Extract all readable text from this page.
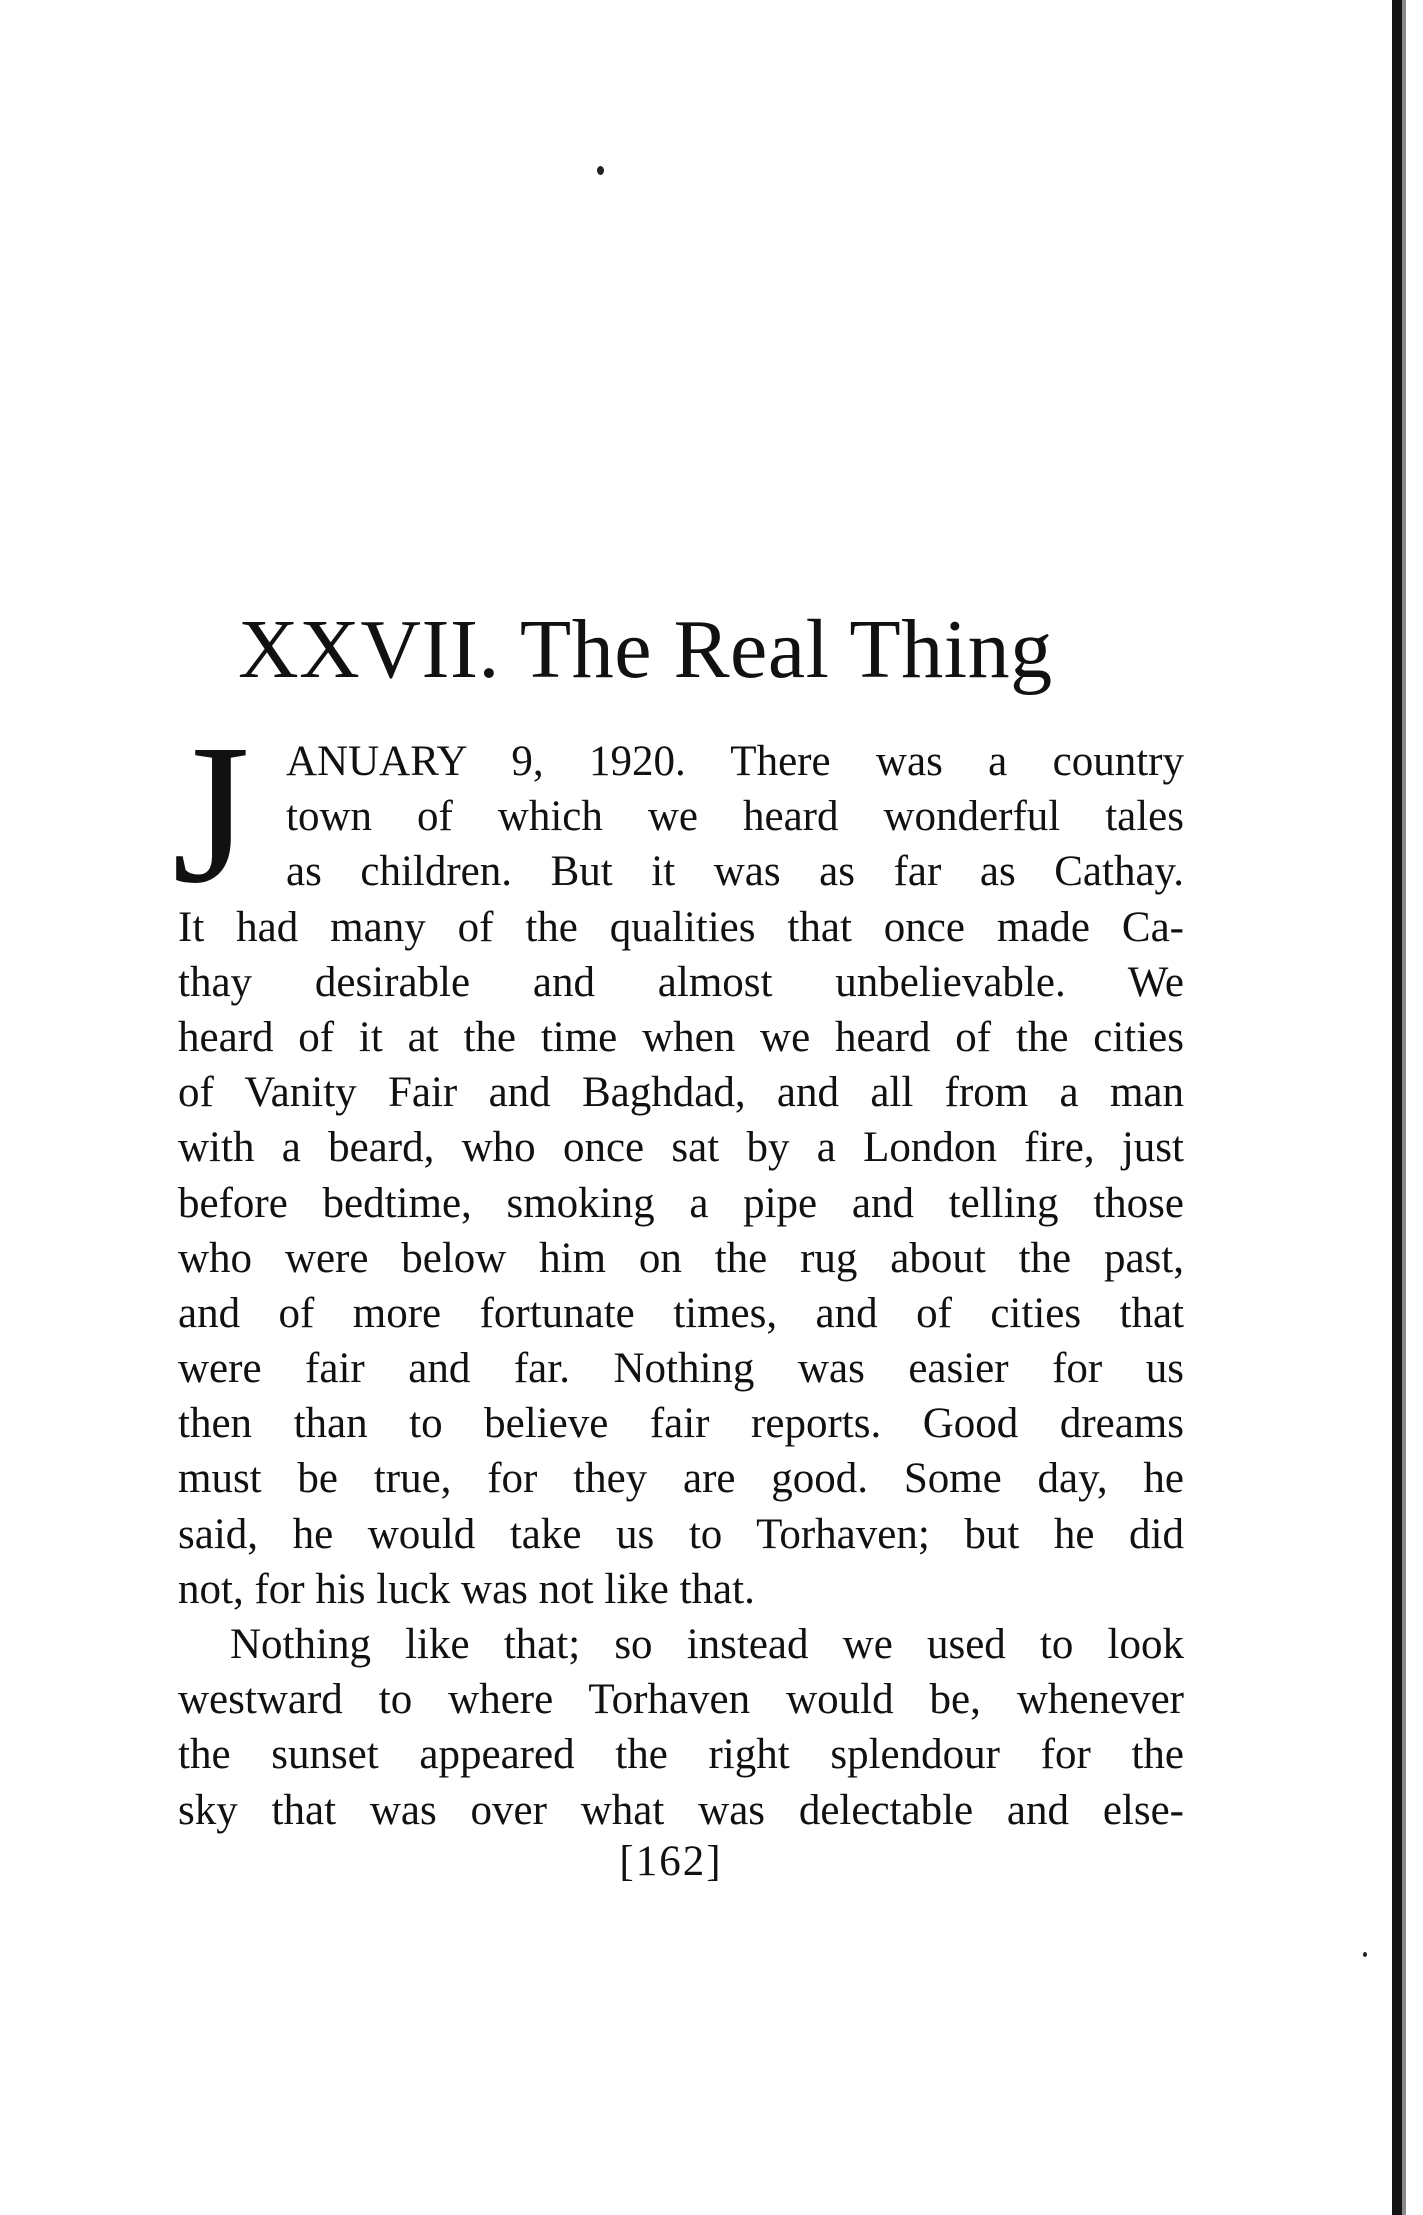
XXVII. The Real Thing
J ANUARY 9, 1920. There was a country
town of which we heard wonderful tales
as children. But it was as far as Cathay.
It had many of the qualities that once made Ca-
thay desirable and almost unbelievable. We
heard of it at the time when we heard of the cities
of Vanity Fair and Baghdad, and all from a man
with a beard, who once sat by a London fire, just
before bedtime, smoking a pipe and telling those
who were below him on the rug about the past,
and of more fortunate times, and of cities that
were fair and far. Nothing was easier for us
then than to believe fair reports. Good dreams
must be true, for they are good. Some day, he
said, he would take us to Torhaven; but he did
not, for his luck was not like that.
Nothing like that; so instead we used to look
westward to where Torhaven would be, whenever
the sunset appeared the right splendour for the
sky that was over what was delectable and else-
[162]
